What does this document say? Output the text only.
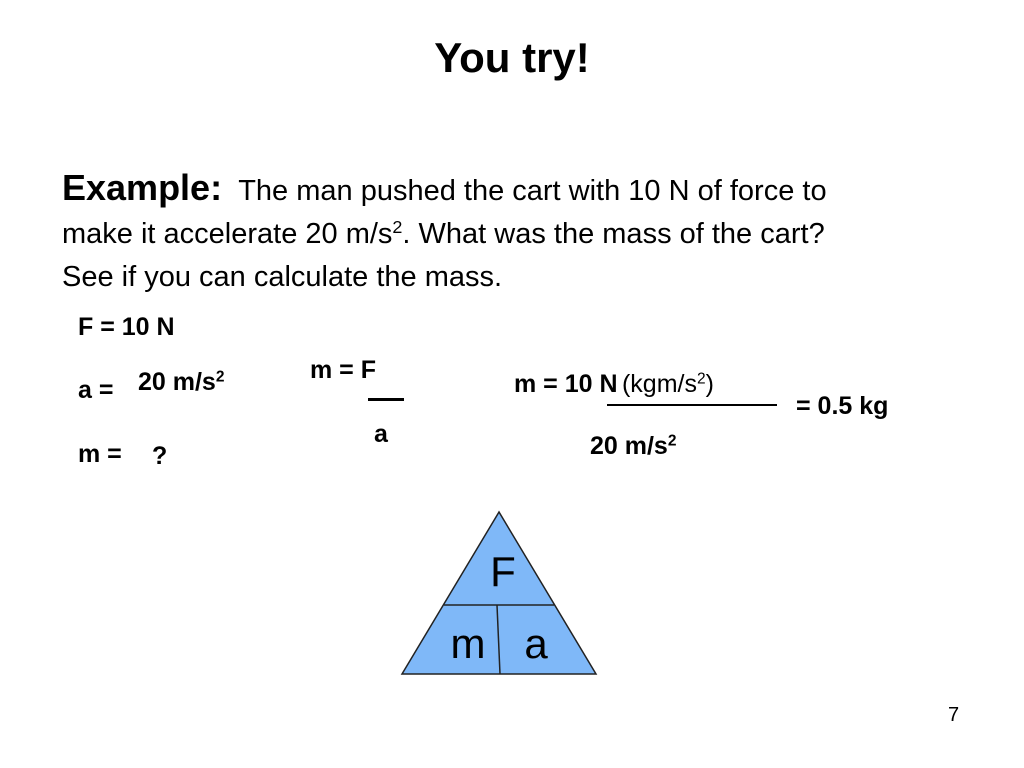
You try!
Example: The man pushed the cart with 10 N of force to
make it accelerate 20 $m/s^2$. What was the mass of the cart?
See if you can calculate the mass.
F = 10 N
a = 20 $m/s^2$
m = ?
m = F
a
m = 10 N $(kgm/s^2)$
= 0.5 kg
20 $m/s^2$
F
m a
7
